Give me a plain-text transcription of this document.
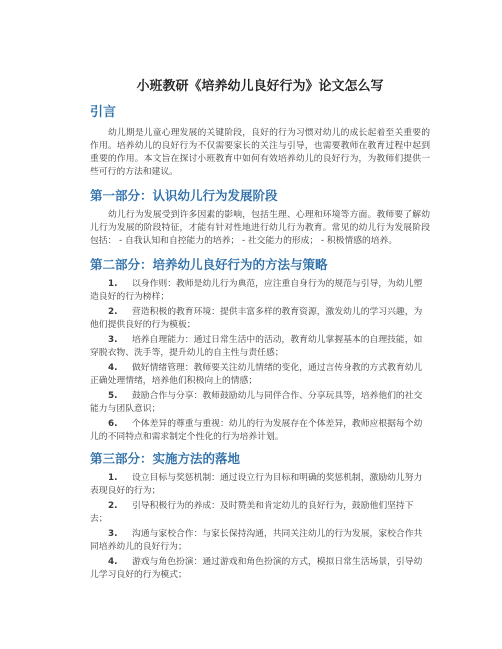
小班教研《培养幼儿良好行为》论文怎么写
引言

幼儿期是儿童心理发展的关键阶段，良好的行为习惯对幼儿的成长起着至关重要的作用。培养幼儿的良好行为不仅需要家长的关注与引导，也需要教师在教育过程中起到重要的作用。本文旨在探讨小班教育中如何有效培养幼儿的良好行为，为教师们提供一些可行的方法和建议。

第一部分：认识幼儿行为发展阶段

幼儿行为发展受到许多因素的影响，包括生理、心理和环境等方面。教师要了解幼儿行为发展的阶段特征，才能有针对性地进行幼儿行为教育。常见的幼儿行为发展阶段包括： - 自我认知和自控能力的培养； - 社交能力的形成； - 积极情感的培养。

第二部分：培养幼儿良好行为的方法与策略
1. 以身作则：教师是幼儿行为典范，应注重自身行为的规范与引导，为幼儿塑造良好的行为榜样；
2. 营造积极的教育环境：提供丰富多样的教育资源，激发幼儿的学习兴趣，为他们提供良好的行为模板；
3. 培养自理能力：通过日常生活中的活动，教育幼儿掌握基本的自理技能，如穿脱衣物、洗手等，提升幼儿的自主性与责任感；
4. 做好情绪管理：教师要关注幼儿情绪的变化，通过言传身教的方式教育幼儿正确处理情绪，培养他们积极向上的情感；
5. 鼓励合作与分享：教师鼓励幼儿与同伴合作、分享玩具等，培养他们的社交能力与团队意识；
6. 个体差异的尊重与重视：幼儿的行为发展存在个体差异，教师应根据每个幼儿的不同特点和需求制定个性化的行为培养计划。
第三部分：实施方法的落地
1. 设立目标与奖惩机制：通过设立行为目标和明确的奖惩机制，激励幼儿努力表现良好的行为；
2. 引导积极行为的养成：及时赞美和肯定幼儿的良好行为，鼓励他们坚持下去；
3. 沟通与家校合作：与家长保持沟通，共同关注幼儿的行为发展，家校合作共同培养幼儿的良好行为；
4. 游戏与角色扮演：通过游戏和角色扮演的方式，模拟日常生活场景，引导幼儿学习良好的行为模式；
